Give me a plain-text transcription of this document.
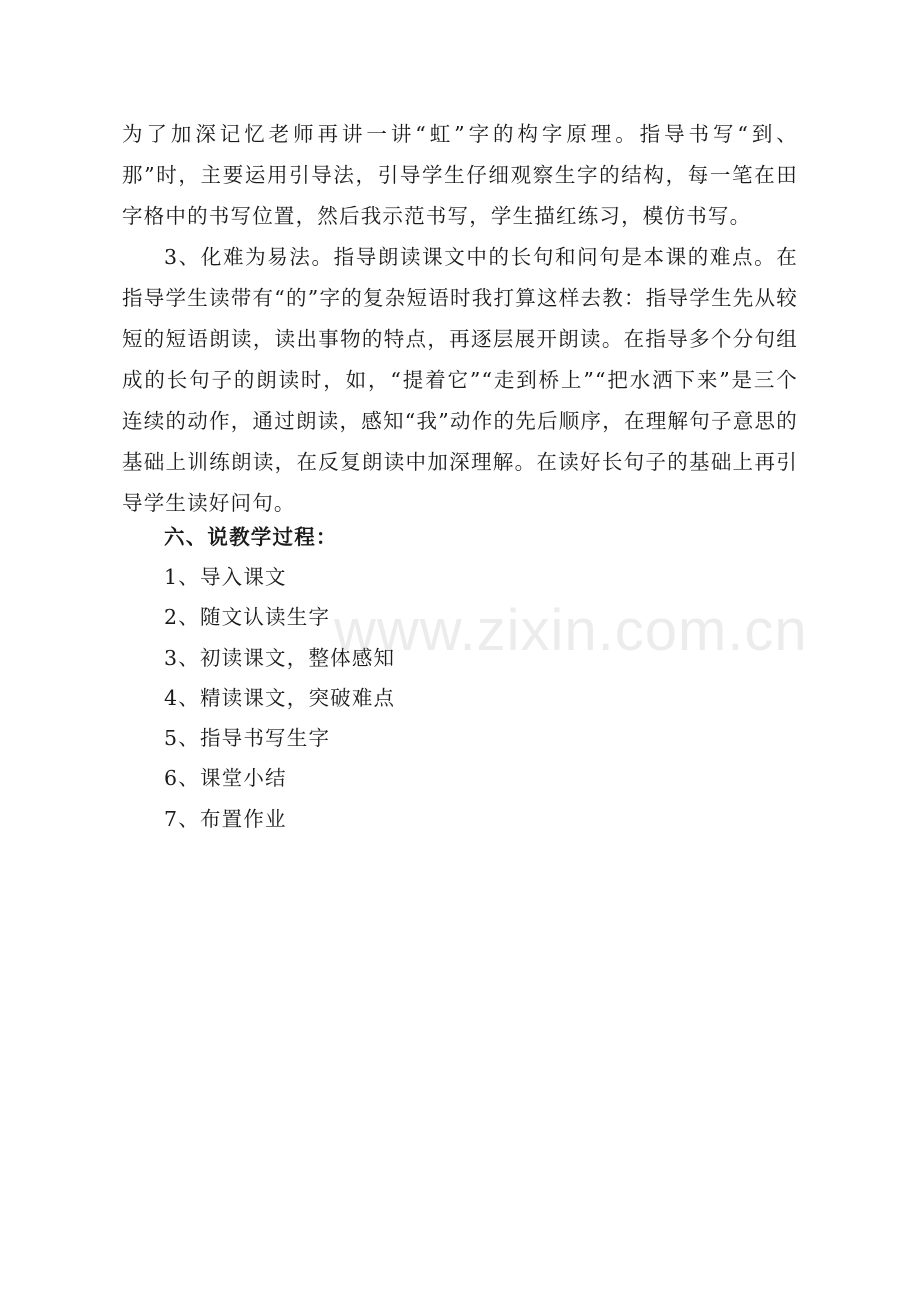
为了加深记忆老师再讲一讲“虹”字的构字原理。指导书写“到、那”时，主要运用引导法，引导学生仔细观察生字的结构，每一笔在田字格中的书写位置，然后我示范书写，学生描红练习，模仿书写。

3、化难为易法。指导朗读课文中的长句和问句是本课的难点。在指导学生读带有“的”字的复杂短语时我打算这样去教：指导学生先从较短的短语朗读，读出事物的特点，再逐层展开朗读。在指导多个分句组成的长句子的朗读时，如，“提着它”“走到桥上”“把水洒下来”是三个连续的动作，通过朗读，感知“我”动作的先后顺序，在理解句子意思的基础上训练朗读，在反复朗读中加深理解。在读好长句子的基础上再引导学生读好问句。

六、说教学过程：

1、导入课文
2、随文认读生字
3、初读课文，整体感知
4、精读课文，突破难点
5、指导书写生字
6、课堂小结
7、布置作业
www.zixin.com.cn
